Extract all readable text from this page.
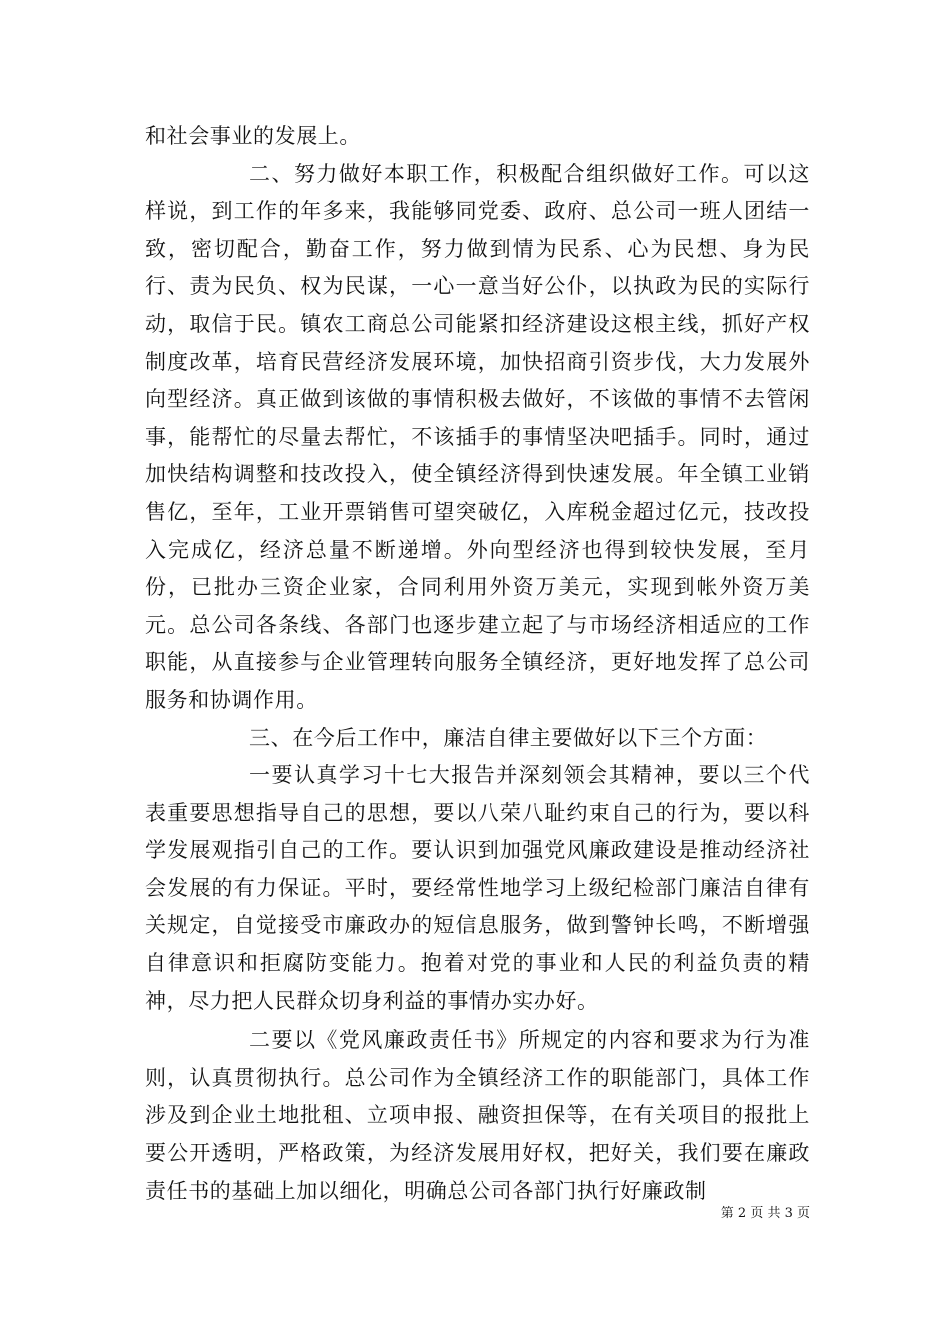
和社会事业的发展上。

二、努力做好本职工作，积极配合组织做好工作。可以这样说，到工作的年多来，我能够同党委、政府、总公司一班人团结一致，密切配合，勤奋工作，努力做到情为民系、心为民想、身为民行、责为民负、权为民谋，一心一意当好公仆，以执政为民的实际行动，取信于民。镇农工商总公司能紧扣经济建设这根主线，抓好产权制度改革，培育民营经济发展环境，加快招商引资步伐，大力发展外向型经济。真正做到该做的事情积极去做好，不该做的事情不去管闲事，能帮忙的尽量去帮忙，不该插手的事情坚决吧插手。同时，通过加快结构调整和技改投入，使全镇经济得到快速发展。年全镇工业销售亿，至年，工业开票销售可望突破亿，入库税金超过亿元，技改投入完成亿，经济总量不断递增。外向型经济也得到较快发展，至月份，已批办三资企业家，合同利用外资万美元，实现到帐外资万美元。总公司各条线、各部门也逐步建立起了与市场经济相适应的工作职能，从直接参与企业管理转向服务全镇经济，更好地发挥了总公司服务和协调作用。

三、在今后工作中，廉洁自律主要做好以下三个方面：

一要认真学习十七大报告并深刻领会其精神，要以三个代表重要思想指导自己的思想，要以八荣八耻约束自己的行为，要以科学发展观指引自己的工作。要认识到加强党风廉政建设是推动经济社会发展的有力保证。平时，要经常性地学习上级纪检部门廉洁自律有关规定，自觉接受市廉政办的短信息服务，做到警钟长鸣，不断增强自律意识和拒腐防变能力。抱着对党的事业和人民的利益负责的精神，尽力把人民群众切身利益的事情办实办好。

二要以《党风廉政责任书》所规定的内容和要求为行为准则，认真贯彻执行。总公司作为全镇经济工作的职能部门，具体工作涉及到企业土地批租、立项申报、融资担保等，在有关项目的报批上要公开透明，严格政策，为经济发展用好权，把好关，我们要在廉政责任书的基础上加以细化，明确总公司各部门执行好廉政制

第 2 页 共 3 页
